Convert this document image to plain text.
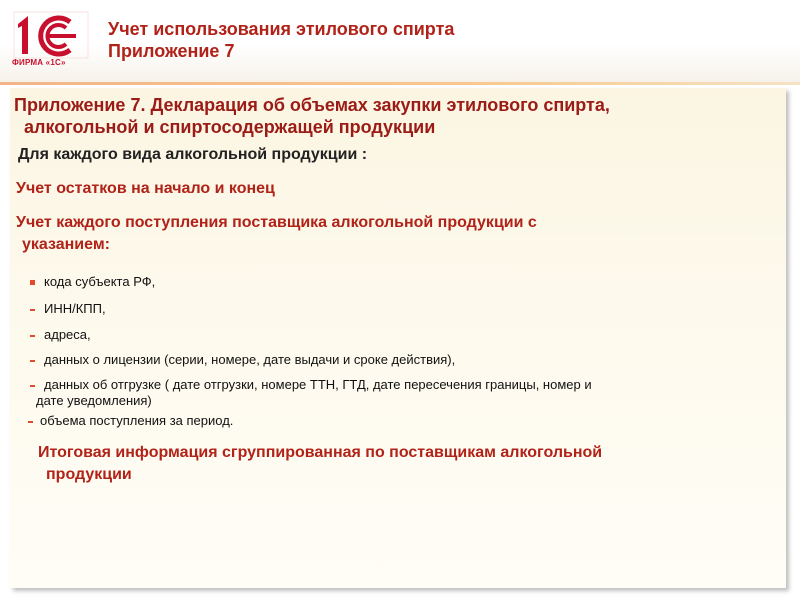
ФИРМА «1С»
Учет использования этилового спирта
Приложение 7
Приложение 7. Декларация об объемах закупки этилового спирта,
алкогольной и спиртосодержащей продукции
Для каждого вида алкогольной продукции :
Учет остатков на начало и конец
Учет каждого поступления поставщика алкогольной продукции с
указанием:
кода субъекта РФ,
ИНН/КПП,
адреса,
данных о лицензии (серии, номере, дате выдачи и сроке действия),
данных об отгрузке ( дате отгрузки, номере ТТН, ГТД, дате пересечения границы, номер и
дате уведомления)
объема поступления за период.
Итоговая информация сгруппированная по поставщикам алкогольной
продукции
